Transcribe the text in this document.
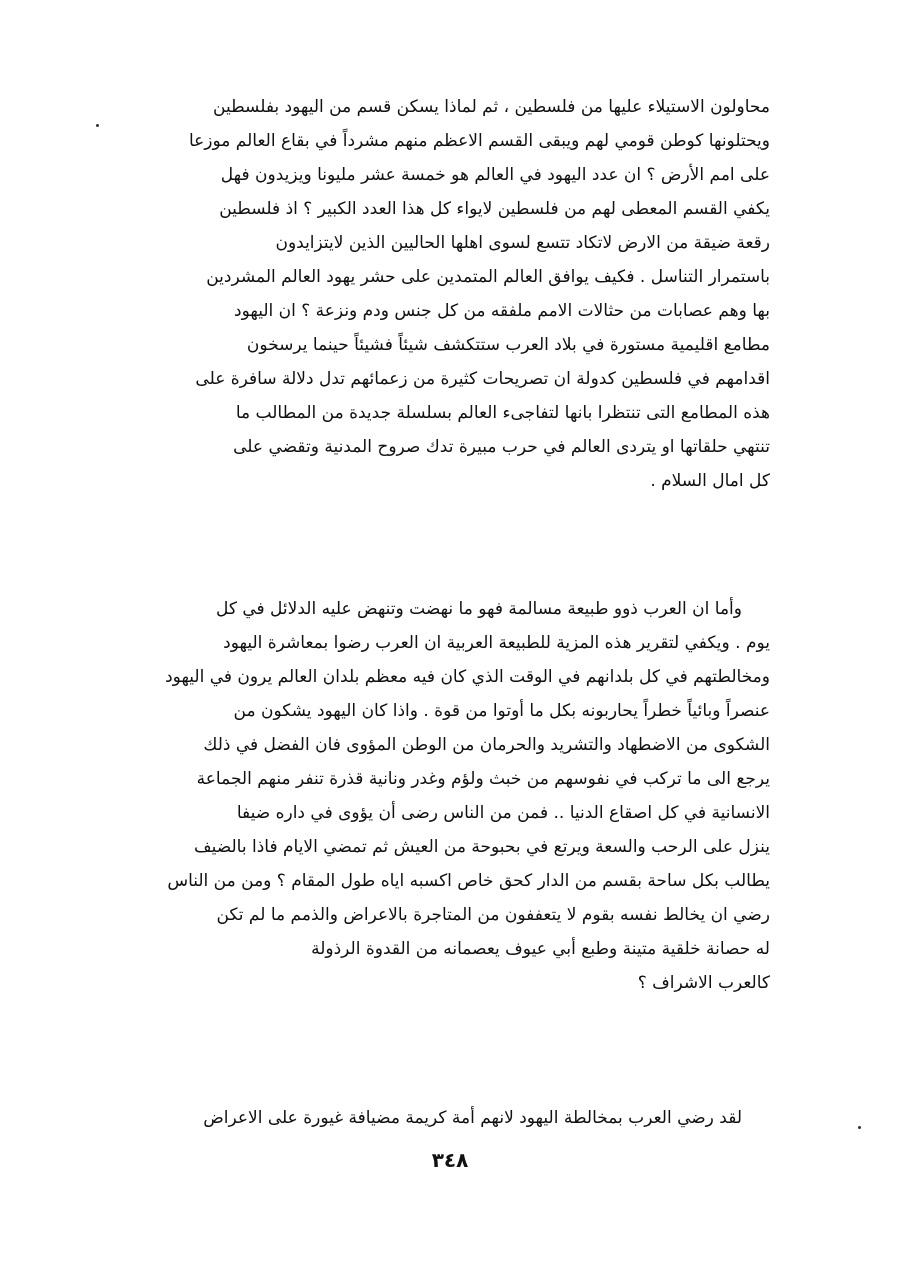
محاولون الاستيلاء عليها من فلسطين ، ثم لماذا يسكن قسم من اليهود بفلسطين
ويحتلونها كوطن قومي لهم ويبقى القسم الاعظم منهم مشرداً في بقاع العالم موزعا
على امم الأرض ؟ ان عدد اليهود في العالم هو خمسة عشر مليونا ويزيدون فهل
يكفي القسم المعطى لهم من فلسطين لايواء كل هذا العدد الكبير ؟ اذ فلسطين
رقعة ضيقة من الارض لاتكاد تتسع لسوى اهلها الحاليين الذين لايتزايدون
باستمرار التناسل . فكيف يوافق العالم المتمدين على حشر يهود العالم المشردين
بها وهم عصابات من حثالات الامم ملفقه من كل جنس ودم ونزعة ؟ ان اليهود
مطامع اقليمية مستورة في بلاد العرب ستتكشف شيئاً فشيئاً حينما يرسخون
اقدامهم في فلسطين كدولة ان تصريحات كثيرة من زعمائهم تدل دلالة سافرة على
هذه المطامع التى تنتظرا بانها لتفاجىء العالم بسلسلة جديدة من المطالب ما
تنتهي حلقاتها او يتردى العالم في حرب مبيرة تدك صروح المدنية وتقضي على
كل امال السلام .
وأما ان العرب ذوو طبيعة مسالمة فهو ما نهضت وتنهض عليه الدلائل في كل
يوم . ويكفي لتقرير هذه المزية للطبيعة العربية ان العرب رضوا بمعاشرة اليهود
ومخالطتهم في كل بلدانهم في الوقت الذي كان فيه معظم بلدان العالم يرون في اليهود
عنصراً وبائياً خطراً يحاربونه بكل ما أوتوا من قوة . واذا كان اليهود يشكون من
الشكوى من الاضطهاد والتشريد والحرمان من الوطن المؤوى فان الفضل في ذلك
يرجع الى ما تركب في نفوسهم من خبث ولؤم وغدر ونانية قذرة تنفر منهم الجماعة
الانسانية في كل اصقاع الدنيا .. فمن من الناس رضى أن يؤوى في داره ضيفا
ينزل على الرحب والسعة ويرتع في بحبوحة من العيش ثم تمضي الايام فاذا بالضيف
يطالب بكل ساحة بقسم من الدار كحق خاص اكسبه اياه طول المقام ؟ ومن من الناس
رضي ان يخالط نفسه بقوم لا يتعففون من المتاجرة بالاعراض والذمم ما لم تكن
له حصانة خلقية متينة وطبع أبي عيوف يعصمانه من القدوة الرذولة
كالعرب الاشراف ؟
لقد رضي العرب بمخالطة اليهود لانهم أمة كريمة مضيافة غيورة على الاعراض
٣٤٨
